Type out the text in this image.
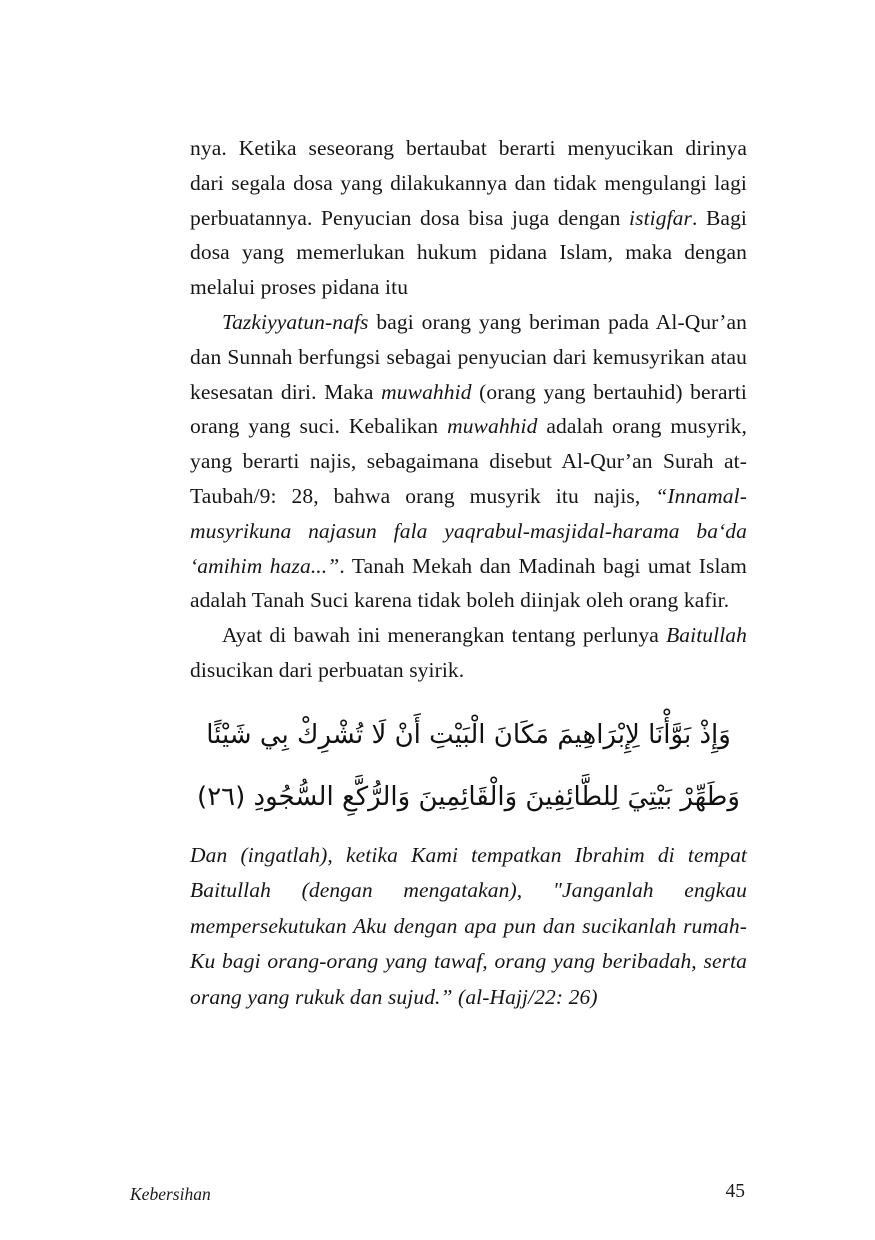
nya. Ketika seseorang bertaubat berarti menyucikan dirinya dari segala dosa yang dilakukannya dan tidak mengulangi lagi perbuatannya. Penyucian dosa bisa juga dengan istigfar. Bagi dosa yang memerlukan hukum pidana Islam, maka dengan melalui proses pidana itu

Tazkiyyatun-nafs bagi orang yang beriman pada Al-Qur’an dan Sunnah berfungsi sebagai penyucian dari kemusyrikan atau kesesatan diri. Maka muwahhid (orang yang bertauhid) berarti orang yang suci. Kebalikan muwahhid adalah orang musyrik, yang berarti najis, sebagaimana disebut Al-Qur’an Surah at-Taubah/9: 28, bahwa orang musyrik itu najis, “Innamal-musyrikuna najasun fala yaqrabul-masjidal-harama ba‘da ‘amihim haza...”. Tanah Mekah dan Madinah bagi umat Islam adalah Tanah Suci karena tidak boleh diinjak oleh orang kafir.

Ayat di bawah ini menerangkan tentang perlunya Baitullah disucikan dari perbuatan syirik.

وَإِذْ بَوَّأْنَا لِإِبْرَاهِيمَ مَكَانَ الْبَيْتِ أَنْ لَا تُشْرِكْ بِي شَيْئًا وَطَهِّرْ بَيْتِيَ لِلطَّائِفِينَ وَالْقَائِمِينَ وَالرُّكَّعِ السُّجُودِ (٢٦)

Dan (ingatlah), ketika Kami tempatkan Ibrahim di tempat Baitullah (dengan mengatakan), "Janganlah engkau mempersekutukan Aku dengan apa pun dan sucikanlah rumah-Ku bagi orang-orang yang tawaf, orang yang beribadah, serta orang yang rukuk dan sujud.” (al-Hajj/22: 26)

Kebersihan	45
